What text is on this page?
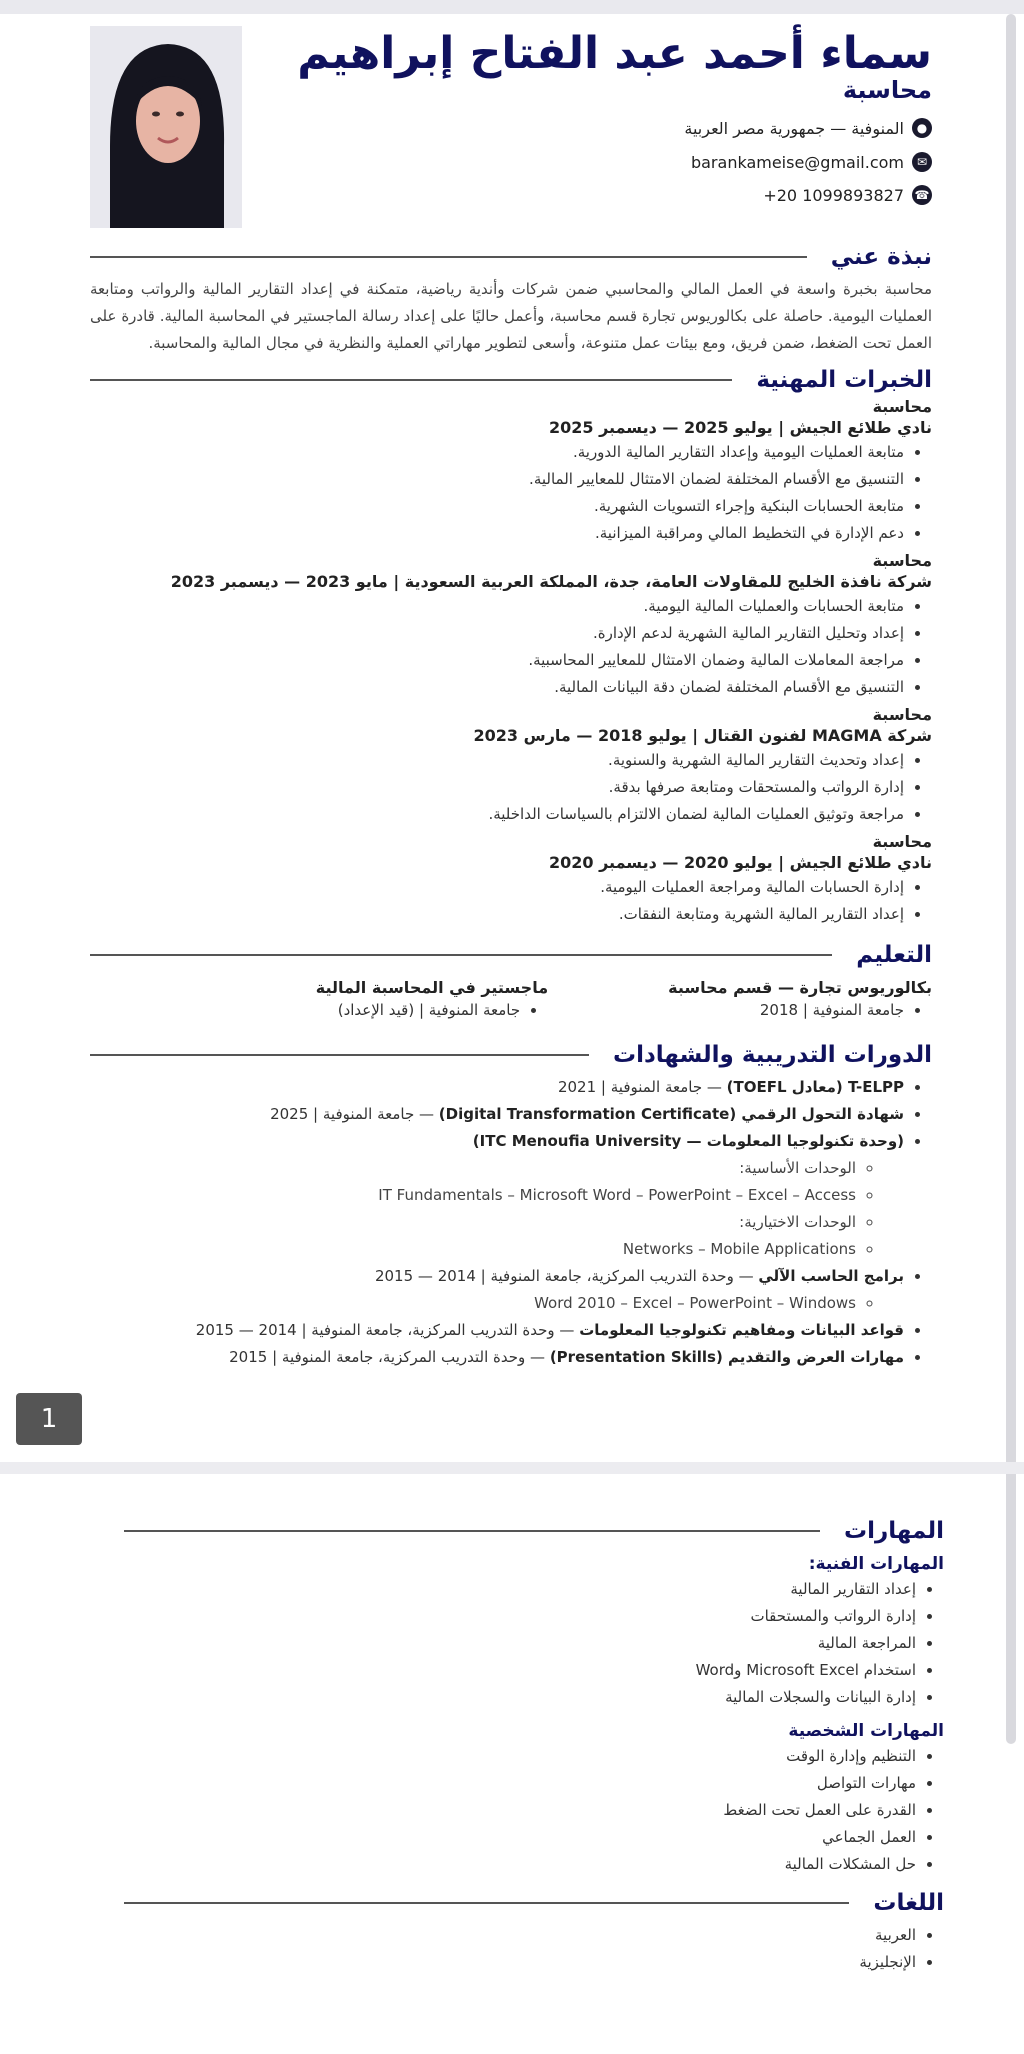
1
سماء أحمد عبد الفتاح إبراهيم
محاسبة
●
المنوفية — جمهورية مصر العربية
✉
barankameise@gmail.com
☎
+20 1099893827
نبذة عني

محاسبة بخبرة واسعة في العمل المالي والمحاسبي ضمن شركات وأندية رياضية، متمكنة في إعداد التقارير المالية والرواتب ومتابعة العمليات اليومية. حاصلة على بكالوريوس تجارة قسم محاسبة، وأعمل حاليًا على إعداد رسالة الماجستير في المحاسبة المالية. قادرة على العمل تحت الضغط، ضمن فريق، ومع بيئات عمل متنوعة، وأسعى لتطوير مهاراتي العملية والنظرية في مجال المالية والمحاسبة.

الخبرات المهنية
محاسبة
نادي طلائع الجيش | يوليو 2025 — ديسمبر 2025
• متابعة العمليات اليومية وإعداد التقارير المالية الدورية.
• التنسيق مع الأقسام المختلفة لضمان الامتثال للمعايير المالية.
• متابعة الحسابات البنكية وإجراء التسويات الشهرية.
• دعم الإدارة في التخطيط المالي ومراقبة الميزانية.
محاسبة
شركة نافذة الخليج للمقاولات العامة، جدة، المملكة العربية السعودية | مايو 2023 — ديسمبر 2023
• متابعة الحسابات والعمليات المالية اليومية.
• إعداد وتحليل التقارير المالية الشهرية لدعم الإدارة.
• مراجعة المعاملات المالية وضمان الامتثال للمعايير المحاسبية.
• التنسيق مع الأقسام المختلفة لضمان دقة البيانات المالية.
محاسبة
شركة MAGMA لفنون القتال | يوليو 2018 — مارس 2023
• إعداد وتحديث التقارير المالية الشهرية والسنوية.
• إدارة الرواتب والمستحقات ومتابعة صرفها بدقة.
• مراجعة وتوثيق العمليات المالية لضمان الالتزام بالسياسات الداخلية.
محاسبة
نادي طلائع الجيش | يوليو 2020 — ديسمبر 2020
• إدارة الحسابات المالية ومراجعة العمليات اليومية.
• إعداد التقارير المالية الشهرية ومتابعة النفقات.
التعليم
بكالوريوس تجارة — قسم محاسبة
• جامعة المنوفية | 2018
ماجستير في المحاسبة المالية
• جامعة المنوفية | (قيد الإعداد)
الدورات التدريبية والشهادات
• T-ELPP (معادل TOEFL) — جامعة المنوفية | 2021
• شهادة التحول الرقمي (Digital Transformation Certificate) — جامعة المنوفية | 2025
• (وحدة تكنولوجيا المعلومات — ITC Menoufia University)
◦ الوحدات الأساسية:
◦ IT Fundamentals – Microsoft Word – PowerPoint – Excel – Access
◦ الوحدات الاختيارية:
◦ Networks – Mobile Applications
• برامج الحاسب الآلي — وحدة التدريب المركزية، جامعة المنوفية | 2014 — 2015
◦ Word 2010 – Excel – PowerPoint – Windows
• قواعد البيانات ومفاهيم تكنولوجيا المعلومات — وحدة التدريب المركزية، جامعة المنوفية | 2014 — 2015
• مهارات العرض والتقديم (Presentation Skills) — وحدة التدريب المركزية، جامعة المنوفية | 2015
المهارات
المهارات الفنية:
• إعداد التقارير المالية
• إدارة الرواتب والمستحقات
• المراجعة المالية
• استخدام Microsoft Excel وWord
• إدارة البيانات والسجلات المالية
المهارات الشخصية
• التنظيم وإدارة الوقت
• مهارات التواصل
• القدرة على العمل تحت الضغط
• العمل الجماعي
• حل المشكلات المالية
اللغات
• العربية
• الإنجليزية
